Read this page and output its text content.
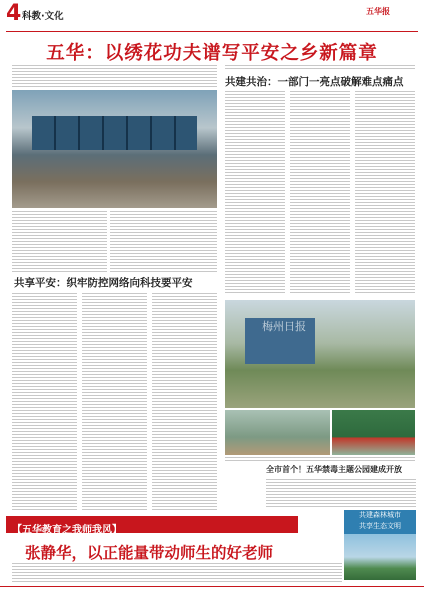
4 科教·文化	五华报
五华：以绣花功夫谱写平安之乡新篇章
共建共治：一部门一亮点破解难点痛点
共享平安：织牢防控网络向科技要平安
梅州日报
全市首个！五华禁毒主题公园建成开放
【五华教育之我师我风】
张静华，以正能量带动师生的好老师
共建森林城市
共享生态文明
